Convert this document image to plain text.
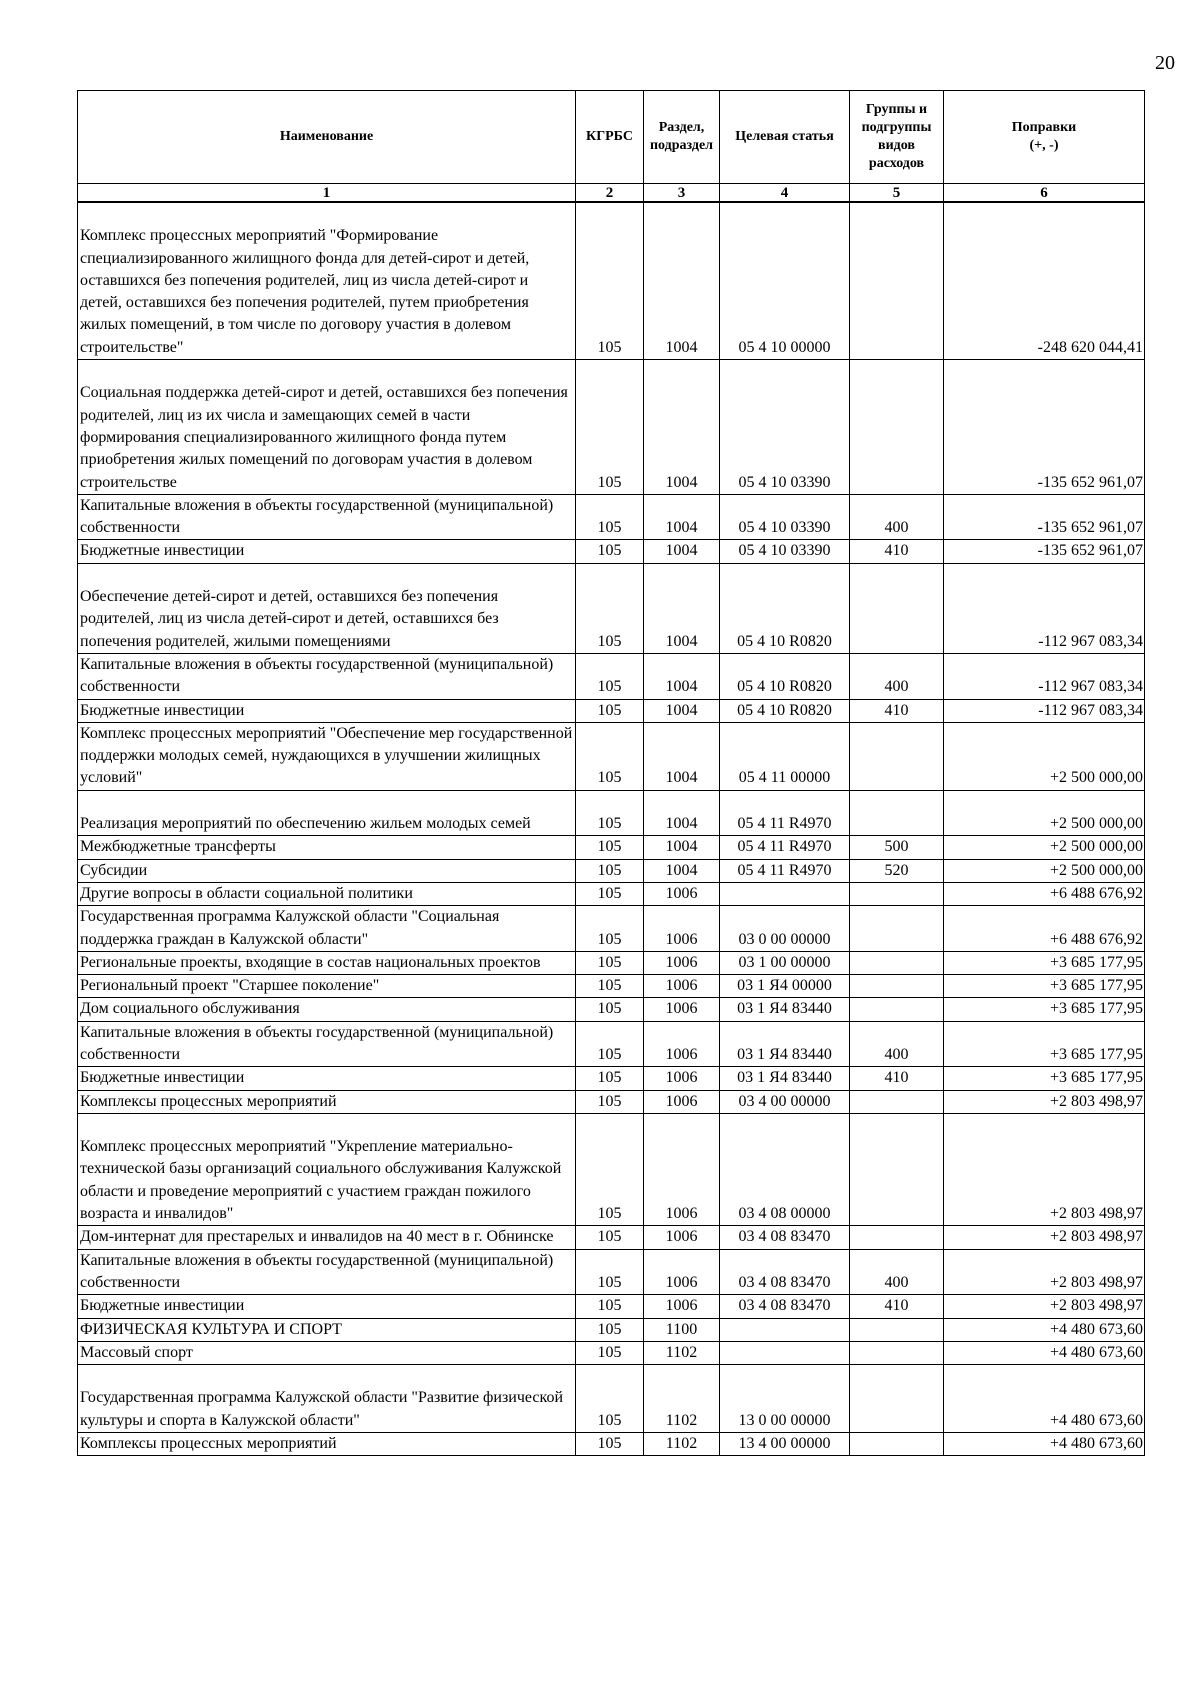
20
Наименование	КГРБС	Раздел, подраздел	Целевая статья	Группы и подгруппы видов расходов	Поправки
(+, -)

1	2	3	4	5	6

Комплекс процессных мероприятий "Формирование специализированного жилищного фонда для детей-сирот и детей, оставшихся без попечения родителей, лиц из числа детей-сирот и детей, оставшихся без попечения родителей, путем приобретения жилых помещений, в том числе по договору участия в долевом строительстве"	105	1004	05 4 10 00000		-248 620 044,41

Социальная поддержка детей-сирот и детей, оставшихся без попечения родителей, лиц из их числа и замещающих семей в части формирования специализированного жилищного фонда путем приобретения жилых помещений по договорам участия в долевом строительстве	105	1004	05 4 10 03390		-135 652 961,07
Капитальные вложения в объекты государственной (муниципальной) собственности	105	1004	05 4 10 03390	400	-135 652 961,07
Бюджетные инвестиции	105	1004	05 4 10 03390	410	-135 652 961,07

Обеспечение детей-сирот и детей, оставшихся без попечения родителей, лиц из числа детей-сирот и детей, оставшихся без попечения родителей, жилыми помещениями	105	1004	05 4 10 R0820		-112 967 083,34
Капитальные вложения в объекты государственной (муниципальной) собственности	105	1004	05 4 10 R0820	400	-112 967 083,34
Бюджетные инвестиции	105	1004	05 4 10 R0820	410	-112 967 083,34
Комплекс процессных мероприятий "Обеспечение мер государственной поддержки молодых семей, нуждающихся в улучшении жилищных условий"	105	1004	05 4 11 00000		+2 500 000,00

Реализация мероприятий по обеспечению жильем молодых семей	105	1004	05 4 11 R4970		+2 500 000,00
Межбюджетные трансферты	105	1004	05 4 11 R4970	500	+2 500 000,00
Субсидии	105	1004	05 4 11 R4970	520	+2 500 000,00
Другие вопросы в области социальной политики	105	1006			+6 488 676,92
Государственная программа Калужской области "Социальная поддержка граждан в Калужской области"	105	1006	03 0 00 00000		+6 488 676,92
Региональные проекты, входящие в состав национальных проектов	105	1006	03 1 00 00000		+3 685 177,95
Региональный проект "Старшее поколение"	105	1006	03 1 Я4 00000		+3 685 177,95
Дом социального обслуживания	105	1006	03 1 Я4 83440		+3 685 177,95
Капитальные вложения в объекты государственной (муниципальной) собственности	105	1006	03 1 Я4 83440	400	+3 685 177,95
Бюджетные инвестиции	105	1006	03 1 Я4 83440	410	+3 685 177,95
Комплексы процессных мероприятий	105	1006	03 4 00 00000		+2 803 498,97

Комплекс процессных мероприятий "Укрепление материально-технической базы организаций социального обслуживания Калужской области и проведение мероприятий с участием граждан пожилого возраста и инвалидов"	105	1006	03 4 08 00000		+2 803 498,97
Дом-интернат для престарелых и инвалидов на 40 мест в г. Обнинске	105	1006	03 4 08 83470		+2 803 498,97
Капитальные вложения в объекты государственной (муниципальной) собственности	105	1006	03 4 08 83470	400	+2 803 498,97
Бюджетные инвестиции	105	1006	03 4 08 83470	410	+2 803 498,97
ФИЗИЧЕСКАЯ КУЛЬТУРА И СПОРТ	105	1100			+4 480 673,60
Массовый спорт	105	1102			+4 480 673,60

Государственная программа Калужской области "Развитие физической культуры и спорта в Калужской области"	105	1102	13 0 00 00000		+4 480 673,60
Комплексы процессных мероприятий	105	1102	13 4 00 00000		+4 480 673,60
